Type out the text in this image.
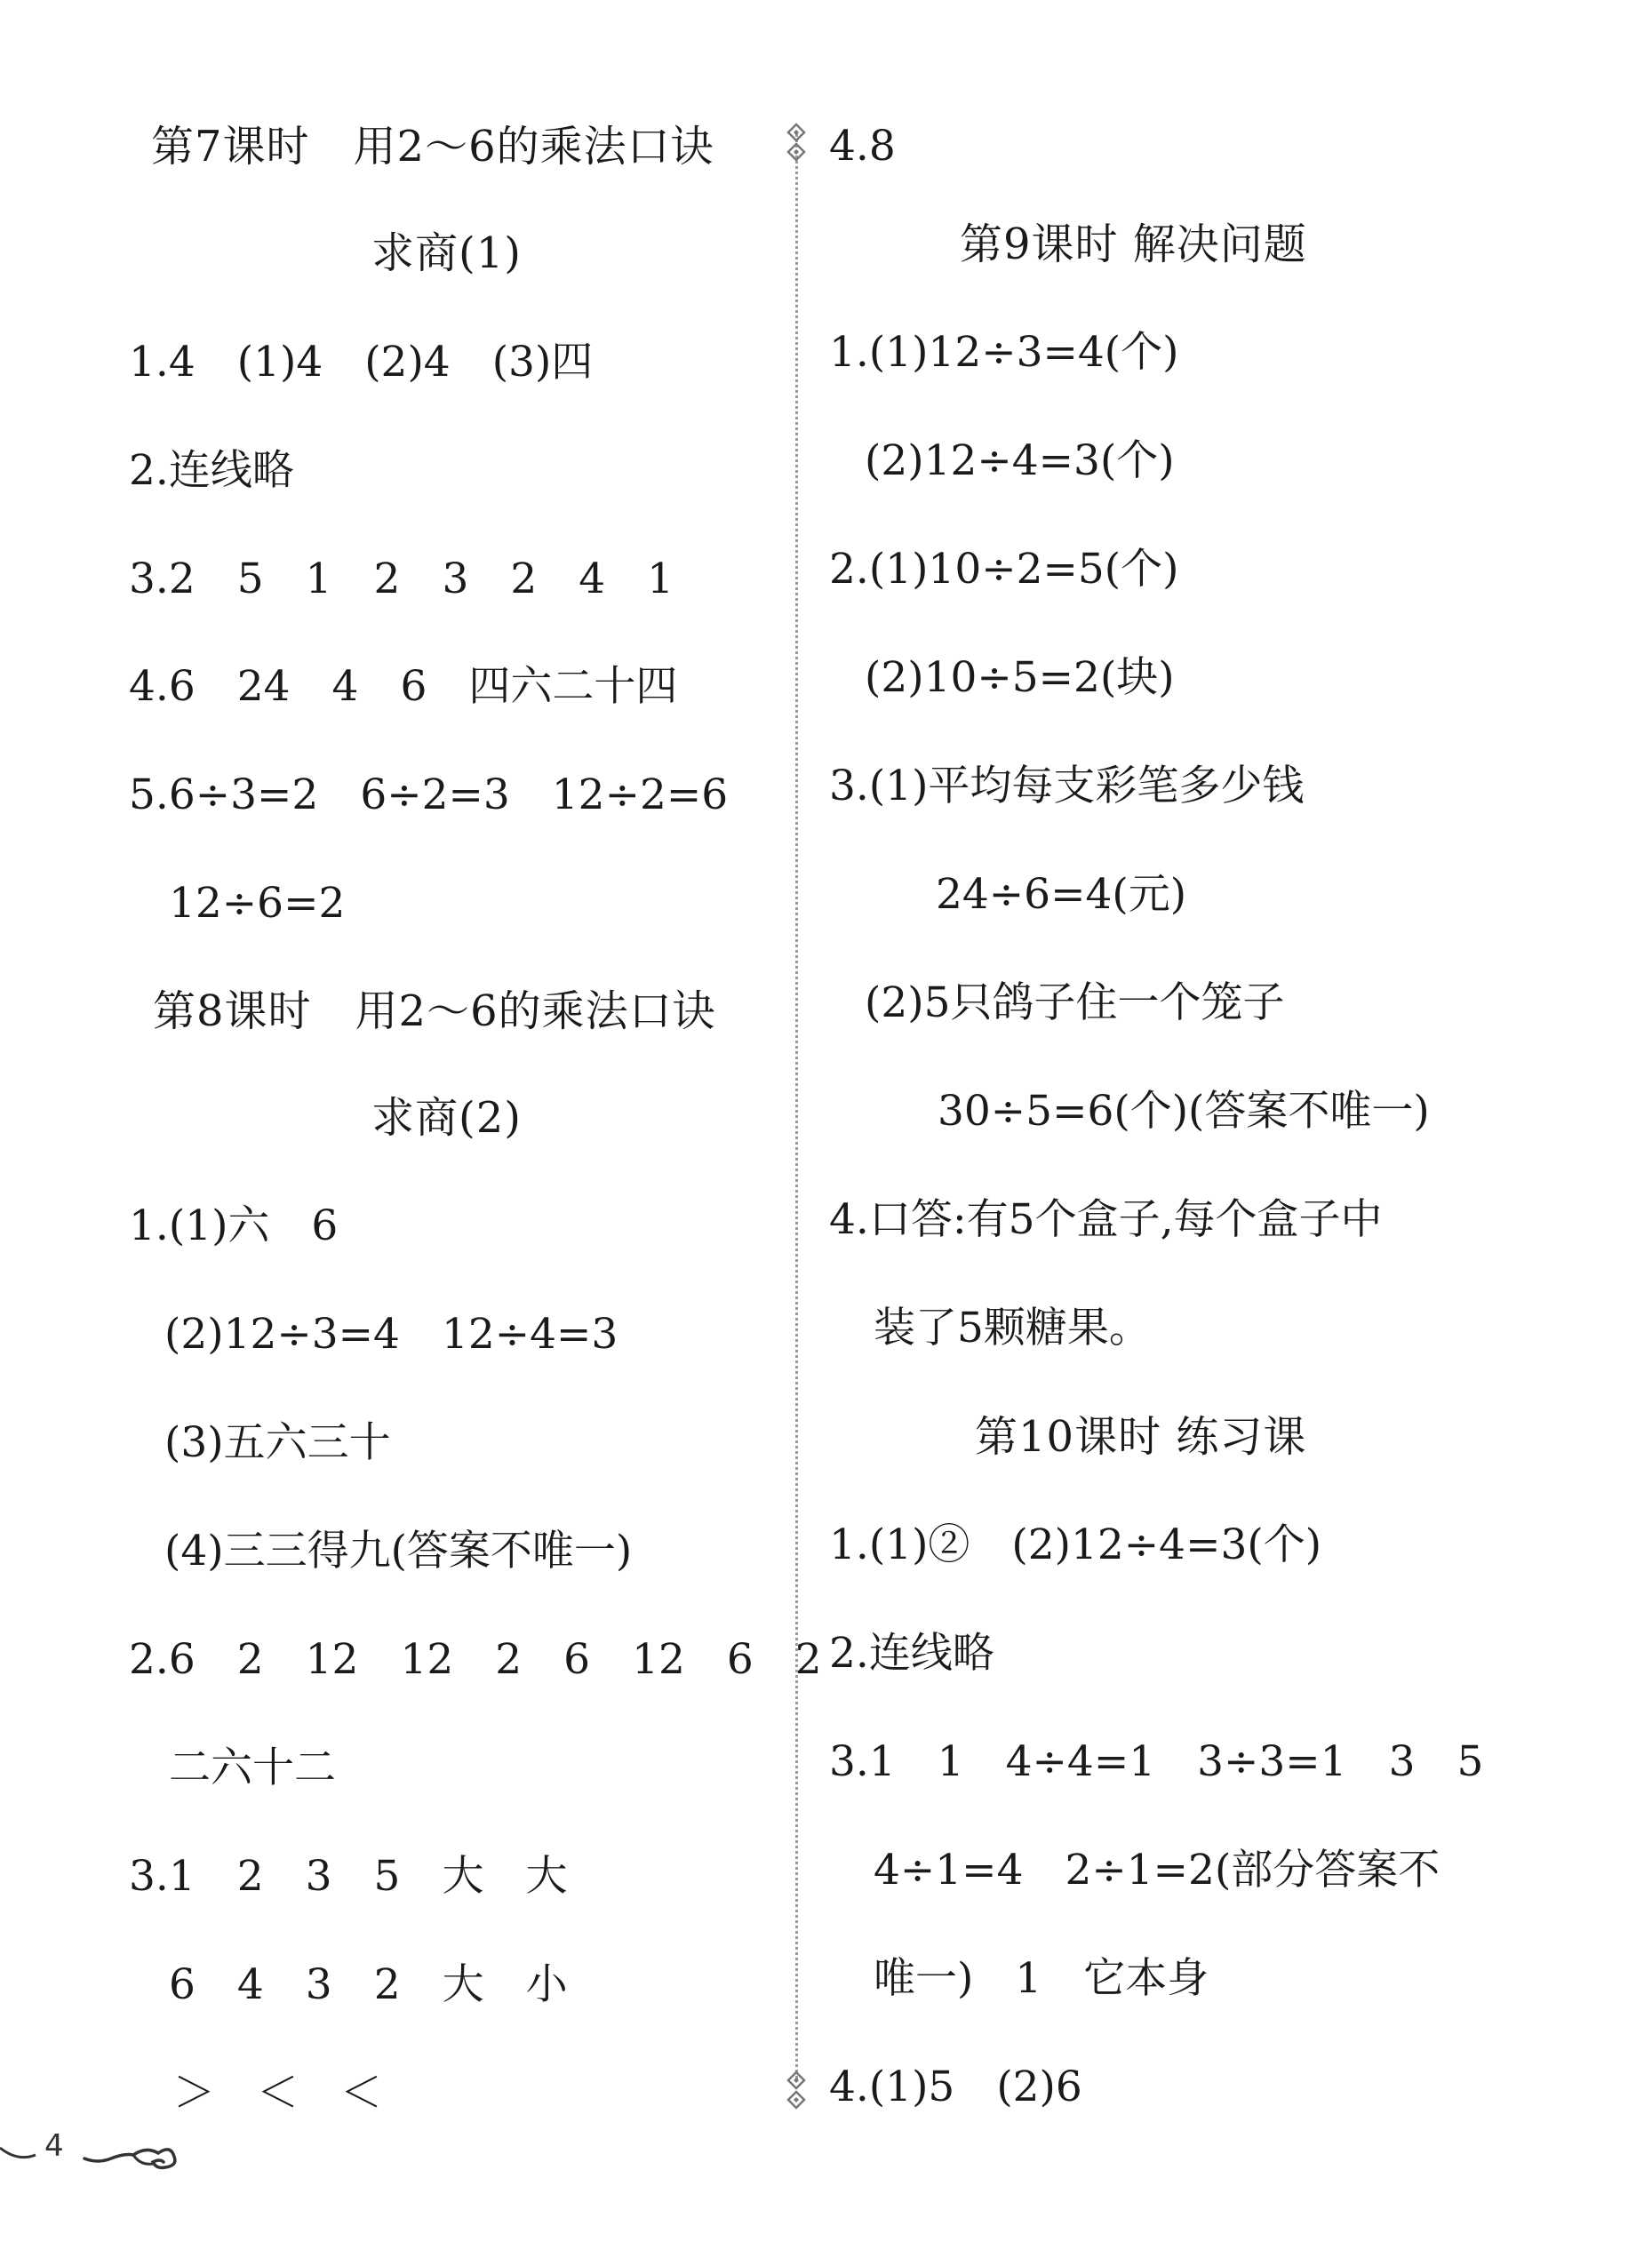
第7课时　用2～6的乘法口诀
求商(1)
1.4　(1)4　(2)4　(3)四
2.连线略
3.2　5　1　2　3　2　4　1
4.6　24　4　6　四六二十四
5.6÷3=2　6÷2=3　12÷2=6
12÷6=2
第8课时　用2～6的乘法口诀
求商(2)
1.(1)六　6
(2)12÷3=4　12÷4=3
(3)五六三十
(4)三三得九(答案不唯一)
2.6　2　12　12　2　6　12　6　2
二六十二
3.1　2　3　5　大　大
6　4　3　2　大　小
＞　＜　＜
4.8
第9课时 解决问题
1.(1)12÷3=4(个)
(2)12÷4=3(个)
2.(1)10÷2=5(个)
(2)10÷5=2(块)
3.(1)平均每支彩笔多少钱
24÷6=4(元)
(2)5只鸽子住一个笼子
30÷5=6(个)(答案不唯一)
4.口答:有5个盒子,每个盒子中
装了5颗糖果。
第10课时 练习课
1.(1)②　(2)12÷4=3(个)
2.连线略
3.1　1　4÷4=1　3÷3=1　3　5
4÷1=4　2÷1=2(部分答案不
唯一)　1　它本身
4.(1)5　(2)6
4
